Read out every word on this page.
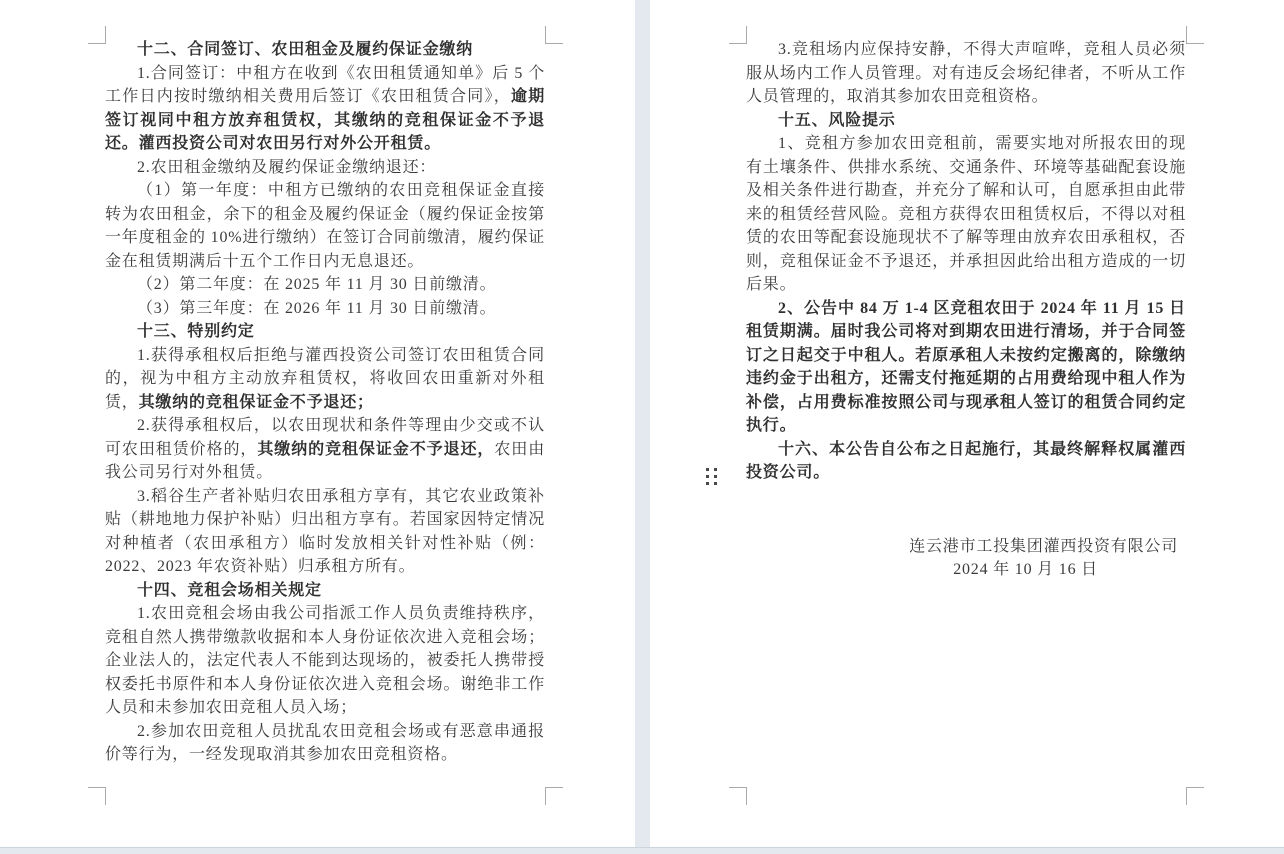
十二、合同签订、农田租金及履约保证金缴纳

1.合同签订：中租方在收到《农田租赁通知单》后 5 个工作日内按时缴纳相关费用后签订《农田租赁合同》，逾期签订视同中租方放弃租赁权，其缴纳的竞租保证金不予退还。灌西投资公司对农田另行对外公开租赁。

2.农田租金缴纳及履约保证金缴纳退还：

（1）第一年度：中租方已缴纳的农田竞租保证金直接转为农田租金，余下的租金及履约保证金（履约保证金按第一年度租金的 10%进行缴纳）在签订合同前缴清，履约保证金在租赁期满后十五个工作日内无息退还。

（2）第二年度：在 2025 年 11 月 30 日前缴清。

（3）第三年度：在 2026 年 11 月 30 日前缴清。

十三、特别约定

1.获得承租权后拒绝与灌西投资公司签订农田租赁合同的，视为中租方主动放弃租赁权，将收回农田重新对外租赁，其缴纳的竞租保证金不予退还；

2.获得承租权后，以农田现状和条件等理由少交或不认可农田租赁价格的，其缴纳的竞租保证金不予退还，农田由我公司另行对外租赁。

3.稻谷生产者补贴归农田承租方享有，其它农业政策补贴（耕地地力保护补贴）归出租方享有。若国家因特定情况对种植者（农田承租方）临时发放相关针对性补贴（例：2022、2023 年农资补贴）归承租方所有。

十四、竞租会场相关规定

1.农田竞租会场由我公司指派工作人员负责维持秩序，竞租自然人携带缴款收据和本人身份证依次进入竞租会场；企业法人的，法定代表人不能到达现场的，被委托人携带授权委托书原件和本人身份证依次进入竞租会场。谢绝非工作人员和未参加农田竞租人员入场；

2.参加农田竞租人员扰乱农田竞租会场或有恶意串通报价等行为，一经发现取消其参加农田竞租资格。

3.竞租场内应保持安静，不得大声喧哗，竞租人员必须服从场内工作人员管理。对有违反会场纪律者，不听从工作人员管理的，取消其参加农田竞租资格。

十五、风险提示

1、竞租方参加农田竞租前，需要实地对所报农田的现有土壤条件、供排水系统、交通条件、环境等基础配套设施及相关条件进行勘查，并充分了解和认可，自愿承担由此带来的租赁经营风险。竞租方获得农田租赁权后，不得以对租赁的农田等配套设施现状不了解等理由放弃农田承租权，否则，竞租保证金不予退还，并承担因此给出租方造成的一切后果。

2、公告中 84 万 1-4 区竞租农田于 2024 年 11 月 15 日租赁期满。届时我公司将对到期农田进行清场，并于合同签订之日起交于中租人。若原承租人未按约定搬离的，除缴纳违约金于出租方，还需支付拖延期的占用费给现中租人作为补偿，占用费标准按照公司与现承租人签订的租赁合同约定执行。

十六、本公告自公布之日起施行，其最终解释权属灌西投资公司。

连云港市工投集团灌西投资有限公司

2024 年 10 月 16 日
